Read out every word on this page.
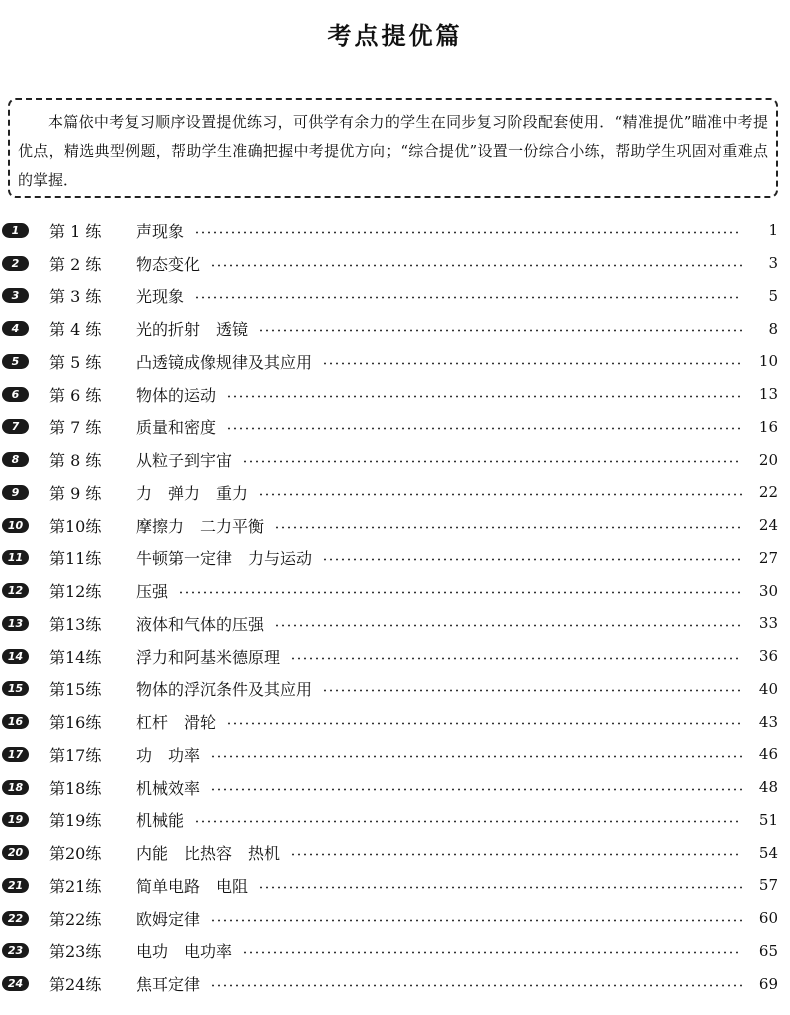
考点提优篇
本篇依中考复习顺序设置提优练习，可供学有余力的学生在同步复习阶段配套使用．“精准提优”瞄准中考提优点，精选典型例题，帮助学生准确把握中考提优方向；“综合提优”设置一份综合小练，帮助学生巩固对重难点的掌握．
1	第 1 练	声现象	1
2	第 2 练	物态变化	3
3	第 3 练	光现象	5
4	第 4 练	光的折射　透镜	8
5	第 5 练	凸透镜成像规律及其应用	10
6	第 6 练	物体的运动	13
7	第 7 练	质量和密度	16
8	第 8 练	从粒子到宇宙	20
9	第 9 练	力　弹力　重力	22
10	第10练	摩擦力　二力平衡	24
11	第11练	牛顿第一定律　力与运动	27
12	第12练	压强	30
13	第13练	液体和气体的压强	33
14	第14练	浮力和阿基米德原理	36
15	第15练	物体的浮沉条件及其应用	40
16	第16练	杠杆　滑轮	43
17	第17练	功　功率	46
18	第18练	机械效率	48
19	第19练	机械能	51
20	第20练	内能　比热容　热机	54
21	第21练	简单电路　电阻	57
22	第22练	欧姆定律	60
23	第23练	电功　电功率	65
24	第24练	焦耳定律	69
